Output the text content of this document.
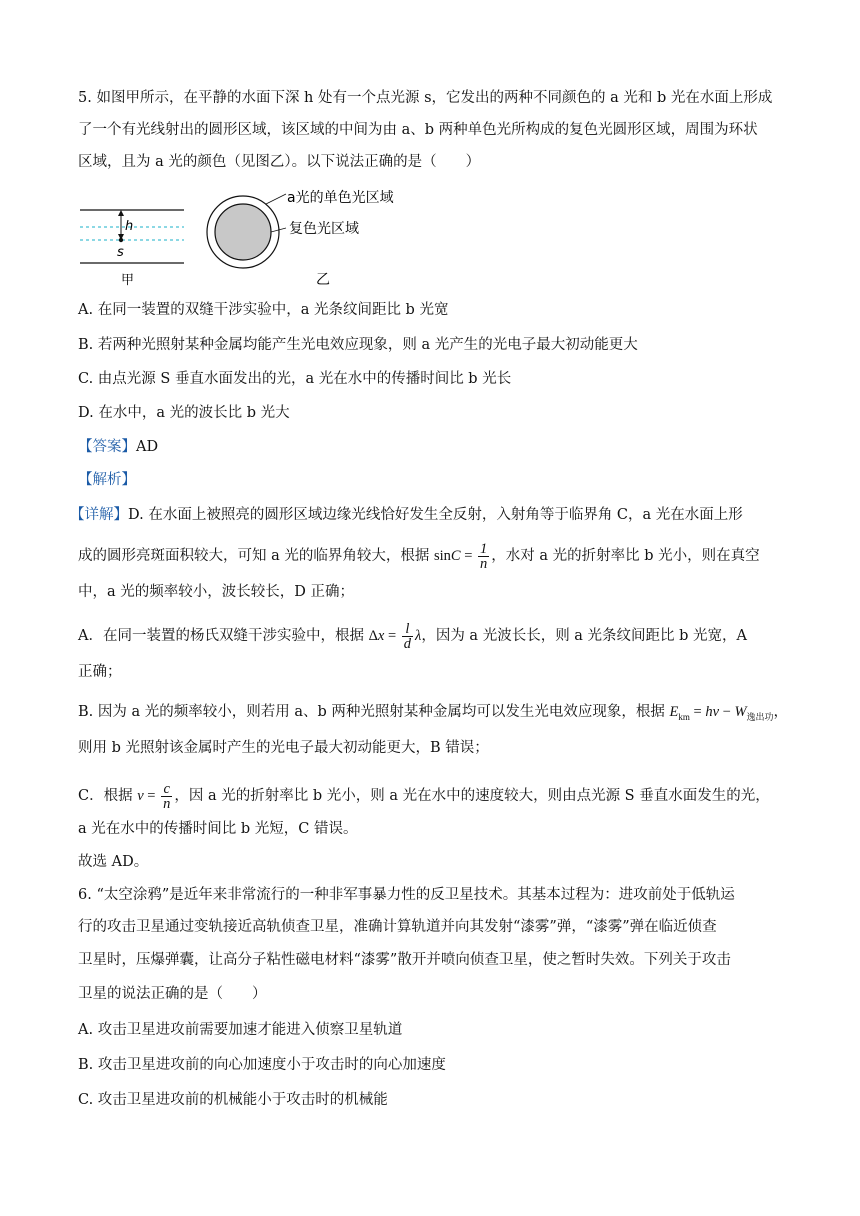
5. 如图甲所示，在平静的水面下深 h 处有一个点光源 s，它发出的两种不同颜色的 a 光和 b 光在水面上形成
了一个有光线射出的圆形区域，该区域的中间为由 a、b 两种单色光所构成的复色光圆形区域，周围为环状
区域，且为 a 光的颜色（见图乙）。以下说法正确的是（　　）
h
s
甲
a光的单色光区域
复色光区域
乙
A. 在同一装置的双缝干涉实验中，a 光条纹间距比 b 光宽
B. 若两种光照射某种金属均能产生光电效应现象，则 a 光产生的光电子最大初动能更大
C. 由点光源 S 垂直水面发出的光，a 光在水中的传播时间比 b 光长
D. 在水中，a 光的波长比 b 光大
【答案】AD
【解析】
【详解】D. 在水面上被照亮的圆形区域边缘光线恰好发生全反射，入射角等于临界角 C，a 光在水面上形
成的圆形亮斑面积较大，可知 a 光的临界角较大，根据 $\sin C = \frac{1}{n}$ ，水对 a 光的折射率比 b 光小，则在真空
中，a 光的频率较小，波长较长，D 正确；
A．在同一装置的杨氏双缝干涉实验中，根据 $\Delta x = \frac{l}{d}$ λ，因为 a 光波长长，则 a 光条纹间距比 b 光宽，A
正确；
B. 因为 a 光的频率较小，则若用 a、b 两种光照射某种金属均可以发生光电效应现象，根据 $E_{km} = h\nu - W_{逸出功}$，
则用 b 光照射该金属时产生的光电子最大初动能更大，B 错误；
C．根据 $v = \frac{c}{n}$ ，因 a 光的折射率比 b 光小，则 a 光在水中的速度较大，则由点光源 S 垂直水面发生的光，
a 光在水中的传播时间比 b 光短，C 错误。
故选 AD。
6. “太空涂鸦”是近年来非常流行的一种非军事暴力性的反卫星技术。其基本过程为：进攻前处于低轨运
行的攻击卫星通过变轨接近高轨侦查卫星，准确计算轨道并向其发射“漆雾”弹，“漆雾”弹在临近侦查
卫星时，压爆弹囊，让高分子粘性磁电材料“漆雾”散开并喷向侦查卫星，使之暂时失效。下列关于攻击
卫星的说法正确的是（　　）
A. 攻击卫星进攻前需要加速才能进入侦察卫星轨道
B. 攻击卫星进攻前的向心加速度小于攻击时的向心加速度
C. 攻击卫星进攻前的机械能小于攻击时的机械能
